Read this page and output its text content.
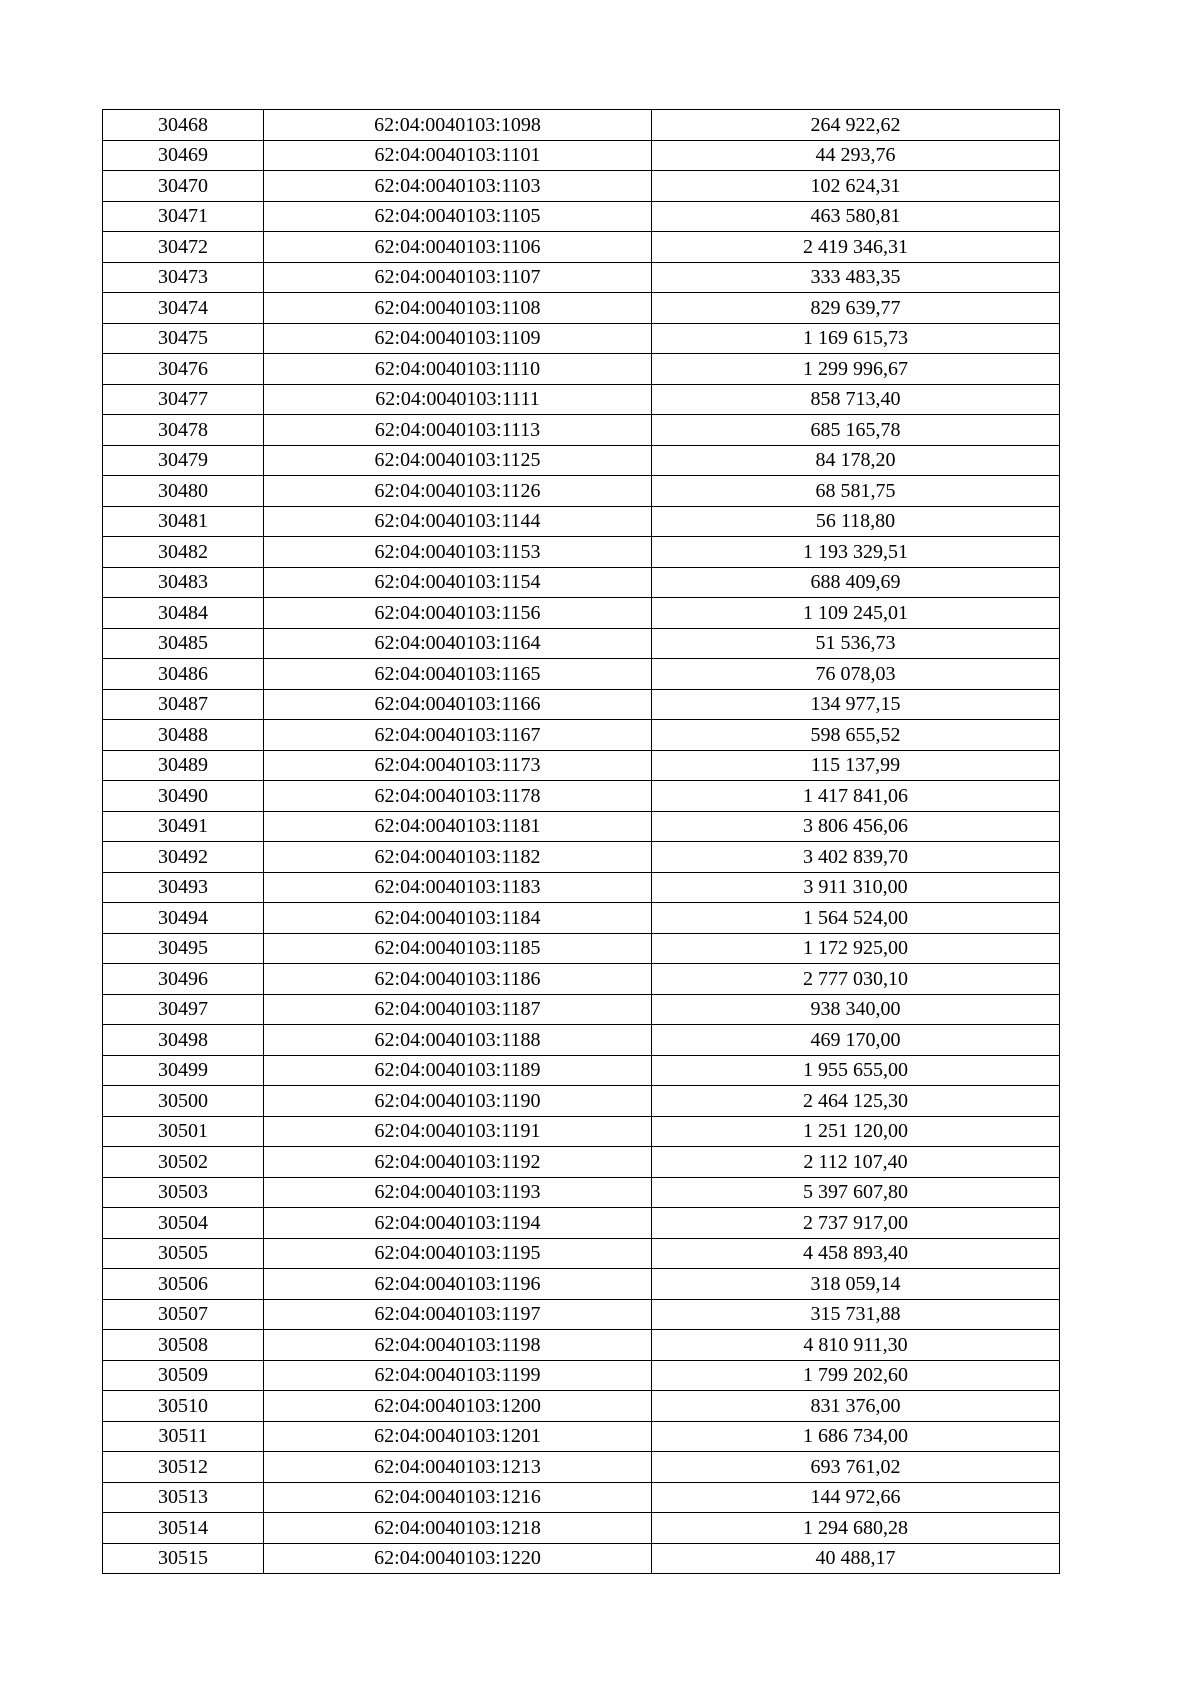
30468	62:04:0040103:1098	264 922,62
30469	62:04:0040103:1101	44 293,76
30470	62:04:0040103:1103	102 624,31
30471	62:04:0040103:1105	463 580,81
30472	62:04:0040103:1106	2 419 346,31
30473	62:04:0040103:1107	333 483,35
30474	62:04:0040103:1108	829 639,77
30475	62:04:0040103:1109	1 169 615,73
30476	62:04:0040103:1110	1 299 996,67
30477	62:04:0040103:1111	858 713,40
30478	62:04:0040103:1113	685 165,78
30479	62:04:0040103:1125	84 178,20
30480	62:04:0040103:1126	68 581,75
30481	62:04:0040103:1144	56 118,80
30482	62:04:0040103:1153	1 193 329,51
30483	62:04:0040103:1154	688 409,69
30484	62:04:0040103:1156	1 109 245,01
30485	62:04:0040103:1164	51 536,73
30486	62:04:0040103:1165	76 078,03
30487	62:04:0040103:1166	134 977,15
30488	62:04:0040103:1167	598 655,52
30489	62:04:0040103:1173	115 137,99
30490	62:04:0040103:1178	1 417 841,06
30491	62:04:0040103:1181	3 806 456,06
30492	62:04:0040103:1182	3 402 839,70
30493	62:04:0040103:1183	3 911 310,00
30494	62:04:0040103:1184	1 564 524,00
30495	62:04:0040103:1185	1 172 925,00
30496	62:04:0040103:1186	2 777 030,10
30497	62:04:0040103:1187	938 340,00
30498	62:04:0040103:1188	469 170,00
30499	62:04:0040103:1189	1 955 655,00
30500	62:04:0040103:1190	2 464 125,30
30501	62:04:0040103:1191	1 251 120,00
30502	62:04:0040103:1192	2 112 107,40
30503	62:04:0040103:1193	5 397 607,80
30504	62:04:0040103:1194	2 737 917,00
30505	62:04:0040103:1195	4 458 893,40
30506	62:04:0040103:1196	318 059,14
30507	62:04:0040103:1197	315 731,88
30508	62:04:0040103:1198	4 810 911,30
30509	62:04:0040103:1199	1 799 202,60
30510	62:04:0040103:1200	831 376,00
30511	62:04:0040103:1201	1 686 734,00
30512	62:04:0040103:1213	693 761,02
30513	62:04:0040103:1216	144 972,66
30514	62:04:0040103:1218	1 294 680,28
30515	62:04:0040103:1220	40 488,17
